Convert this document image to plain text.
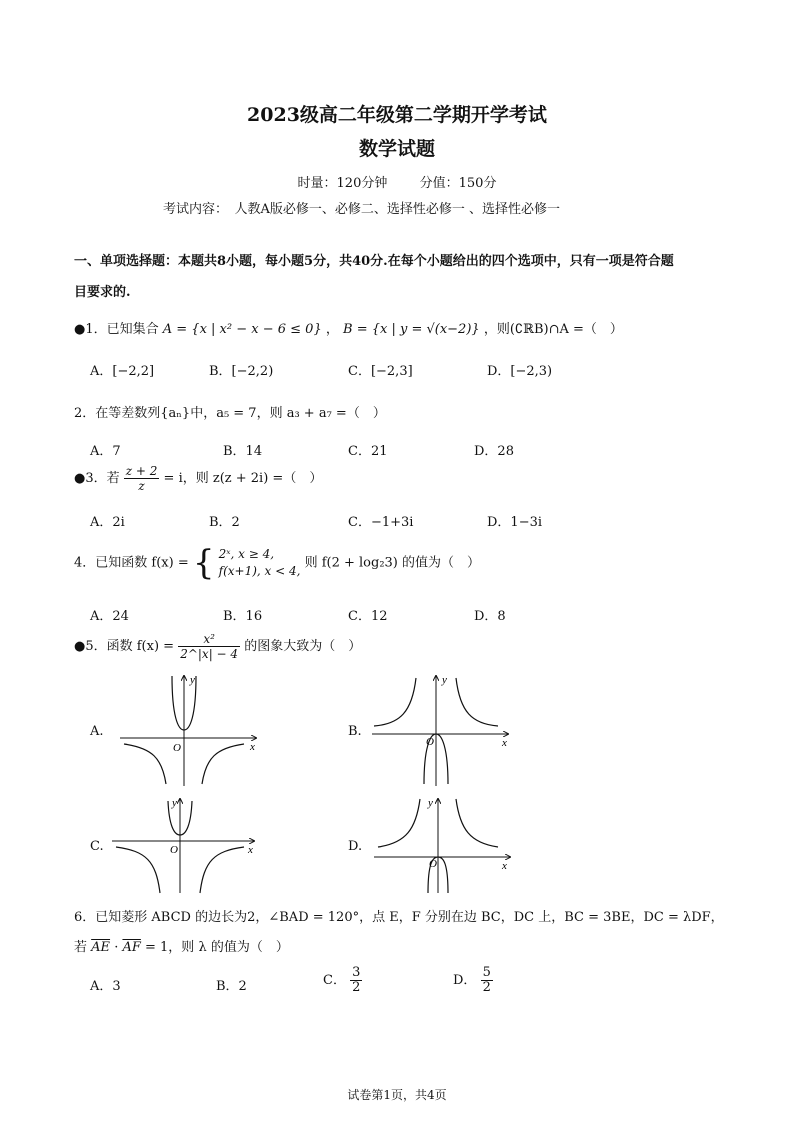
2023级高二年级第二学期开学考试
数学试题
时量：120分钟 分值：150分
考试内容：　人教A版必修一、必修二、选择性必修一 、选择性必修一
一、单项选择题：本题共8小题，每小题5分，共40分.在每个小题给出的四个选项中，只有一项是符合题
目要求的.
●1．已知集合 A = {x | x² − x − 6 ≤ 0} ， B = {x | y = √(x−2)} ，则(∁ℝB)∩A =（　）
A．[−2,2]	B．[−2,2)	C．[−2,3]	D．[−2,3)
2．在等差数列{aₙ}中，a₅ = 7，则 a₃ + a₇ =（　）
A．7	B．14	C．21	D．28
●3．若 $\frac{z + 2}{z} = i$，则 z(z + 2i) =（　）
A．2i	B．2	C．−1+3i	D．1−3i
4．已知函数 f(x) = { 2ˣ, x ≥ 4,
f(x+1), x < 4,
则 f(2 + log₂3) 的值为（　）
A．24	B．16	C．12	D．8
●5．函数 $f(x) = \frac{\text{x²}}{2\^{}|x| - 4}$ 的图象大致为（　）
A.	B.
C.	D.
y
x
O
y
x
O
y
x
O
y
x
O
6．已知菱形 ABCD 的边长为2，∠BAD = 120°，点 E，F 分别在边 BC，DC 上，BC = 3BE，DC = λDF，
若 $\overline{AE} \cdot \overline{AF} = 1$，则 λ 的值为（　）
A．3	B．2	C． $\frac{3}{2}$	D． $\frac{5}{2}$
试卷第1页，共4页
